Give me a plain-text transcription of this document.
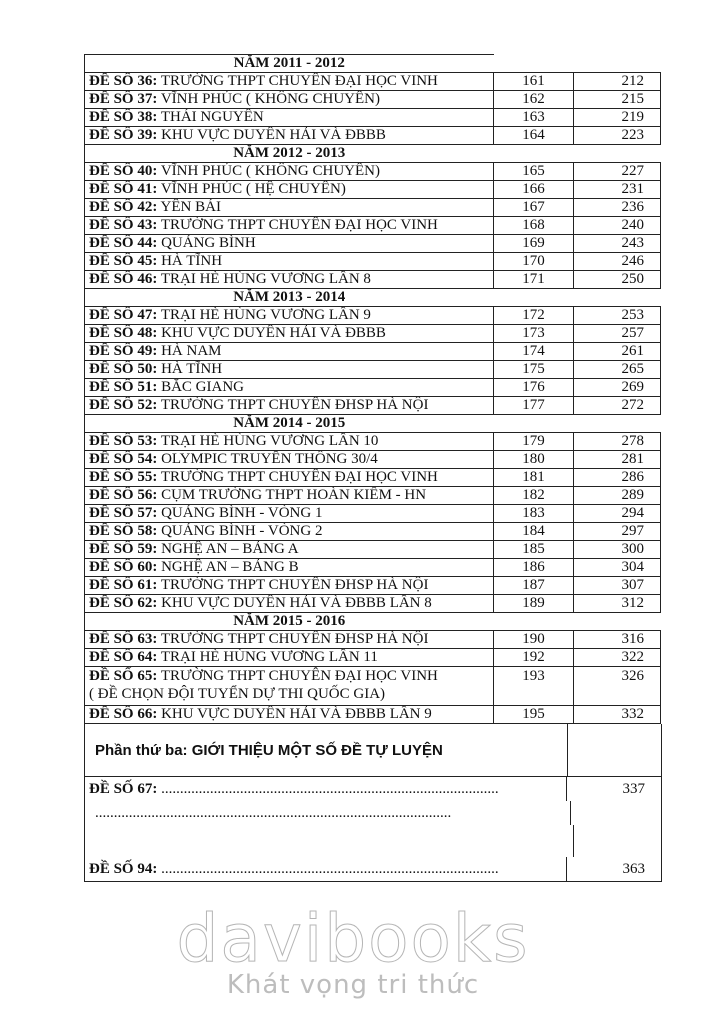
NĂM 2011 - 2012		
ĐỀ SỐ 36: TRƯỜNG THPT CHUYÊN ĐẠI HỌC VINH	161	212
ĐỀ SỐ 37: VĨNH PHÚC ( KHÔNG CHUYÊN)	162	215
ĐỀ SỐ 38: THÁI NGUYÊN	163	219
ĐỀ SỐ 39: KHU VỰC DUYÊN HẢI VÀ ĐBBB	164	223
NĂM 2012 - 2013		
ĐỀ SỐ 40: VĨNH PHÚC ( KHÔNG CHUYÊN)	165	227
ĐỀ SỐ 41: VĨNH PHÚC ( HỆ CHUYÊN)	166	231
ĐỀ SỐ 42: YÊN BÁI	167	236
ĐỀ SỐ 43: TRƯỜNG THPT CHUYÊN ĐẠI HỌC VINH	168	240
ĐỀ SỐ 44: QUẢNG BÌNH	169	243
ĐỀ SỐ 45: HÀ TĨNH	170	246
ĐỀ SỐ 46: TRẠI HÈ HÙNG VƯƠNG LẦN 8	171	250
NĂM 2013 - 2014		
ĐỀ SỐ 47: TRẠI HÈ HÙNG VƯƠNG LẦN 9	172	253
ĐỀ SỐ 48: KHU VỰC DUYÊN HẢI VÀ ĐBBB	173	257
ĐỀ SỐ 49: HÀ NAM	174	261
ĐỀ SỐ 50: HÀ TĨNH	175	265
ĐỀ SỐ 51: BẮC GIANG	176	269
ĐỀ SỐ 52: TRƯỜNG THPT CHUYÊN ĐHSP HÀ NỘI	177	272
NĂM 2014 - 2015		
ĐỀ SỐ 53: TRẠI HÈ HÙNG VƯƠNG LẦN 10	179	278
ĐỀ SỐ 54: OLYMPIC TRUYỀN THỐNG 30/4	180	281
ĐỀ SỐ 55: TRƯỜNG THPT CHUYÊN ĐẠI HỌC VINH	181	286
ĐỀ SỐ 56: CỤM TRƯỜNG THPT HOÀN KIẾM - HN	182	289
ĐỀ SỐ 57: QUẢNG BÌNH - VÒNG 1	183	294
ĐỀ SỐ 58: QUẢNG BÌNH - VÒNG 2	184	297
ĐỀ SỐ 59: NGHỆ AN – BẢNG A	185	300
ĐỀ SỐ 60: NGHỆ AN – BẢNG B	186	304
ĐỀ SỐ 61: TRƯỜNG THPT CHUYÊN ĐHSP HÀ NỘI	187	307
ĐỀ SỐ 62: KHU VỰC DUYÊN HẢI VÀ ĐBBB LẦN 8	189	312
NĂM 2015 - 2016		
ĐỀ SỐ 63: TRƯỜNG THPT CHUYÊN ĐHSP HÀ NỘI	190	316
ĐỀ SỐ 64: TRẠI HÈ HÙNG VƯƠNG LẦN 11	192	322
ĐỀ SỐ 65: TRƯỜNG THPT CHUYÊN ĐẠI HỌC VINH
( ĐỀ CHỌN ĐỘI TUYỂN DỰ THI QUỐC GIA)	193	326
ĐỀ SỐ 66: KHU VỰC DUYÊN HẢI VÀ ĐBBB LẦN 9	195	332
Phần thứ ba:
GIỚI THIỆU MỘT SỐ ĐỀ TỰ LUYỆN
ĐỀ SỐ 67: ..........................................................................................	337
...............................................................................................
ĐỀ SỐ 94: ..........................................................................................	363
davibooks
Khát vọng tri thức
